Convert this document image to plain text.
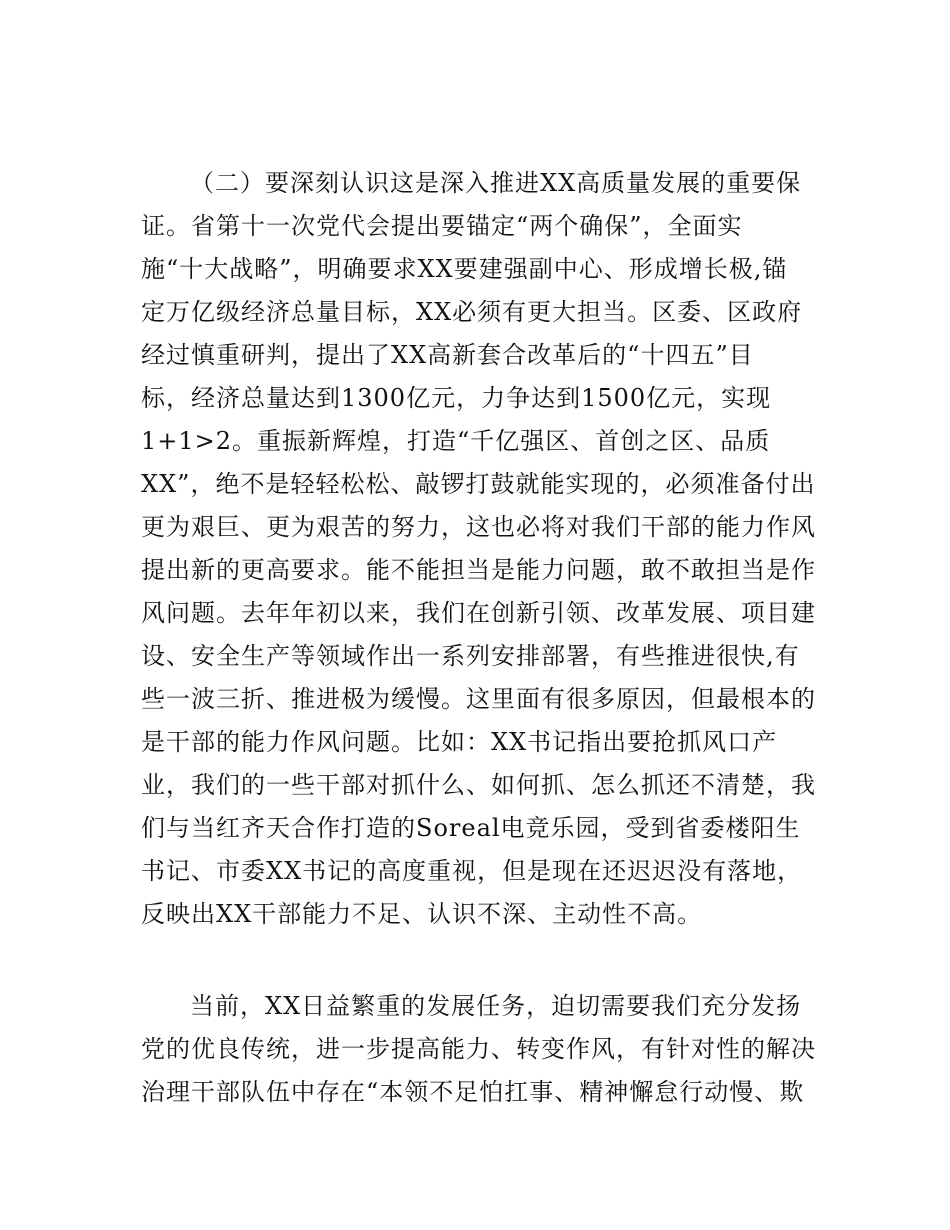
（二）要深刻认识这是深入推进XX高质量发展的重要保
证。省第十一次党代会提出要锚定“两个确保”，全面实
施“十大战略”，明确要求XX要建强副中心、形成增长极,锚
定万亿级经济总量目标，XX必须有更大担当。区委、区政府
经过慎重研判，提出了XX高新套合改革后的“十四五”目
标，经济总量达到1300亿元，力争达到1500亿元，实现
1+1>2。重振新辉煌，打造“千亿强区、首创之区、品质
XX”，绝不是轻轻松松、敲锣打鼓就能实现的，必须准备付出
更为艰巨、更为艰苦的努力，这也必将对我们干部的能力作风
提出新的更高要求。能不能担当是能力问题，敢不敢担当是作
风问题。去年年初以来，我们在创新引领、改革发展、项目建
设、安全生产等领域作出一系列安排部署，有些推进很快,有
些一波三折、推进极为缓慢。这里面有很多原因，但最根本的
是干部的能力作风问题。比如：XX书记指出要抢抓风口产
业，我们的一些干部对抓什么、如何抓、怎么抓还不清楚，我
们与当红齐天合作打造的Soreal电竞乐园，受到省委楼阳生
书记、市委XX书记的高度重视，但是现在还迟迟没有落地，
反映出XX干部能力不足、认识不深、主动性不高。
当前，XX日益繁重的发展任务，迫切需要我们充分发扬
党的优良传统，进一步提高能力、转变作风，有针对性的解决
治理干部队伍中存在“本领不足怕扛事、精神懈怠行动慢、欺
